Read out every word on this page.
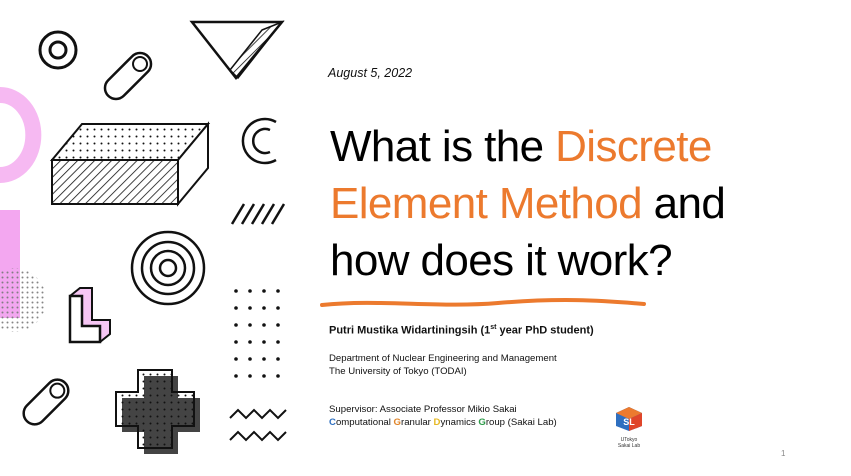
August 5, 2022
What is the Discrete
Element Method and
how does it work?
Putri Mustika Widartiningsih (1st year PhD student)
Department of Nuclear Engineering and Management
The University of Tokyo (TODAI)
Supervisor: Associate Professor Mikio Sakai
Computational Granular Dynamics Group (Sakai Lab)	SL
UTokyo
Sakai Lab
1
